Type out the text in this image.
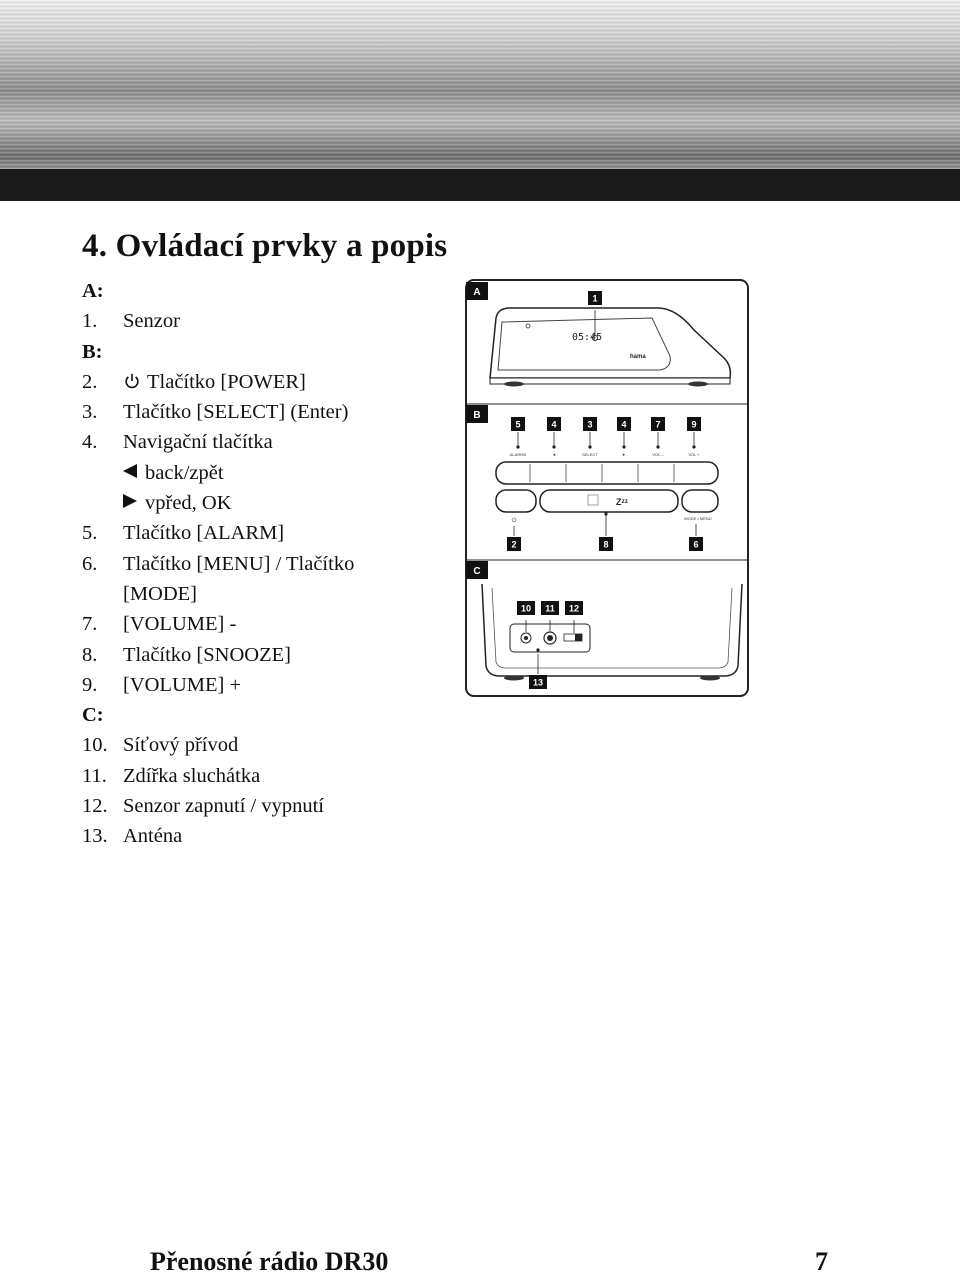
4. Ovládací prvky a popis
A:
1. Senzor
B:
2.	Tlačítko [POWER]
3. Tlačítko [SELECT] (Enter)
4. Navigační tlačítka
back/zpět
vpřed, OK
5. Tlačítko [ALARM]
6. Tlačítko [MENU] / Tlačítko
[MODE]
7. [VOLUME] -
8. Tlačítko [SNOOZE]
9. [VOLUME] +
C:
10. Síťový přívod
11. Zdířka sluchátka
12. Senzor zapnutí / vypnutí
13. Anténa
A
B
C
05:45
hama
Zᶻᶻ
ALARMS	◄	SELECT	►	VOL –	VOL +
MODE • MENU
⏻
1
5	4	3	4	7	9
2	8	6
10 11 12
13
Přenosné rádio DR30	7
